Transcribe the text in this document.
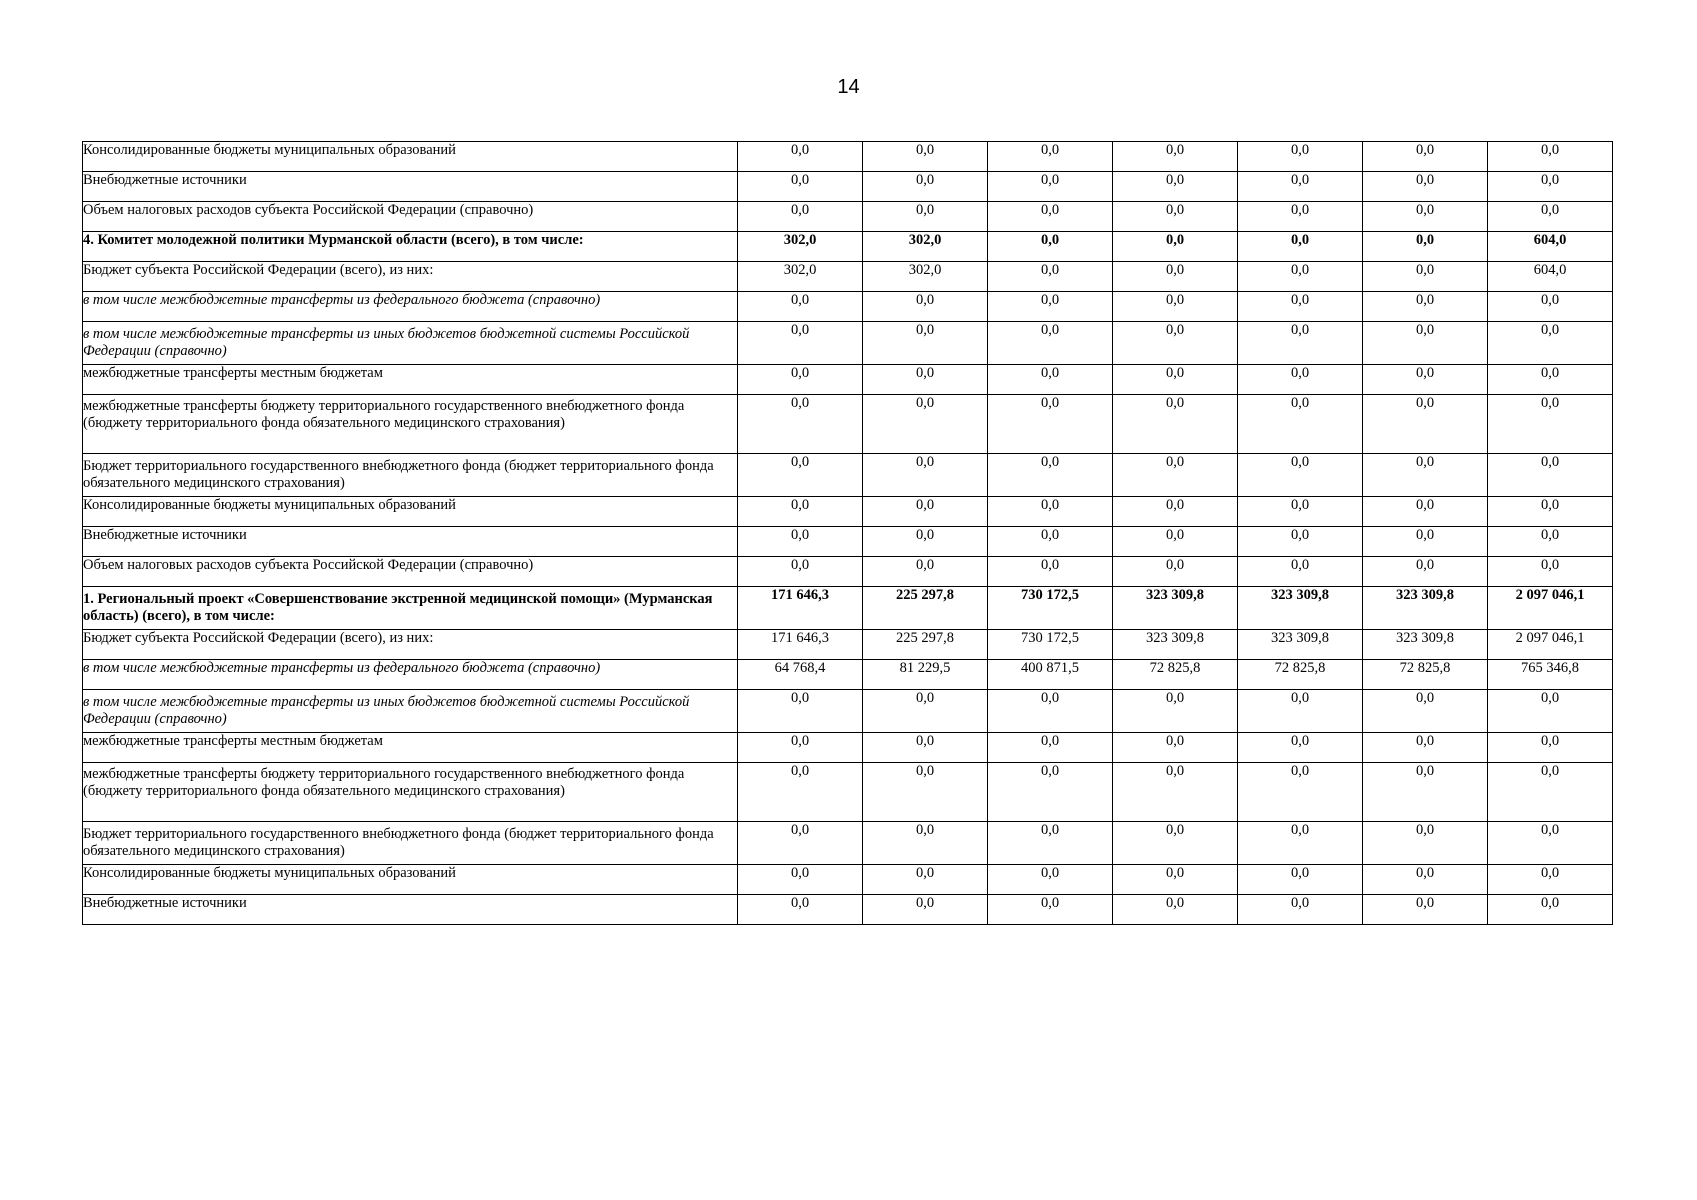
14
Консолидированные бюджеты муниципальных образований	0,0	0,0	0,0	0,0	0,0	0,0	0,0
Внебюджетные источники	0,0	0,0	0,0	0,0	0,0	0,0	0,0
Объем налоговых расходов субъекта Российской Федерации (справочно)	0,0	0,0	0,0	0,0	0,0	0,0	0,0
4. Комитет молодежной политики Мурманской области (всего), в том числе:	302,0	302,0	0,0	0,0	0,0	0,0	604,0
Бюджет субъекта Российской Федерации (всего), из них:	302,0	302,0	0,0	0,0	0,0	0,0	604,0
в том числе межбюджетные трансферты из федерального бюджета (справочно)	0,0	0,0	0,0	0,0	0,0	0,0	0,0
в том числе межбюджетные трансферты из иных бюджетов бюджетной системы Российской Федерации (справочно)	0,0	0,0	0,0	0,0	0,0	0,0	0,0
межбюджетные трансферты местным бюджетам	0,0	0,0	0,0	0,0	0,0	0,0	0,0
межбюджетные трансферты бюджету территориального государственного внебюджетного фонда (бюджету территориального фонда обязательного медицинского страхования)	0,0	0,0	0,0	0,0	0,0	0,0	0,0
Бюджет территориального государственного внебюджетного фонда (бюджет территориального фонда обязательного медицинского страхования)	0,0	0,0	0,0	0,0	0,0	0,0	0,0
Консолидированные бюджеты муниципальных образований	0,0	0,0	0,0	0,0	0,0	0,0	0,0
Внебюджетные источники	0,0	0,0	0,0	0,0	0,0	0,0	0,0
Объем налоговых расходов субъекта Российской Федерации (справочно)	0,0	0,0	0,0	0,0	0,0	0,0	0,0
1. Региональный проект «Совершенствование экстренной медицинской помощи» (Мурманская область) (всего), в том числе:	171 646,3	225 297,8	730 172,5	323 309,8	323 309,8	323 309,8	2 097 046,1
Бюджет субъекта Российской Федерации (всего), из них:	171 646,3	225 297,8	730 172,5	323 309,8	323 309,8	323 309,8	2 097 046,1
в том числе межбюджетные трансферты из федерального бюджета (справочно)	64 768,4	81 229,5	400 871,5	72 825,8	72 825,8	72 825,8	765 346,8
в том числе межбюджетные трансферты из иных бюджетов бюджетной системы Российской Федерации (справочно)	0,0	0,0	0,0	0,0	0,0	0,0	0,0
межбюджетные трансферты местным бюджетам	0,0	0,0	0,0	0,0	0,0	0,0	0,0
межбюджетные трансферты бюджету территориального государственного внебюджетного фонда (бюджету территориального фонда обязательного медицинского страхования)	0,0	0,0	0,0	0,0	0,0	0,0	0,0
Бюджет территориального государственного внебюджетного фонда (бюджет территориального фонда обязательного медицинского страхования)	0,0	0,0	0,0	0,0	0,0	0,0	0,0
Консолидированные бюджеты муниципальных образований	0,0	0,0	0,0	0,0	0,0	0,0	0,0
Внебюджетные источники	0,0	0,0	0,0	0,0	0,0	0,0	0,0
